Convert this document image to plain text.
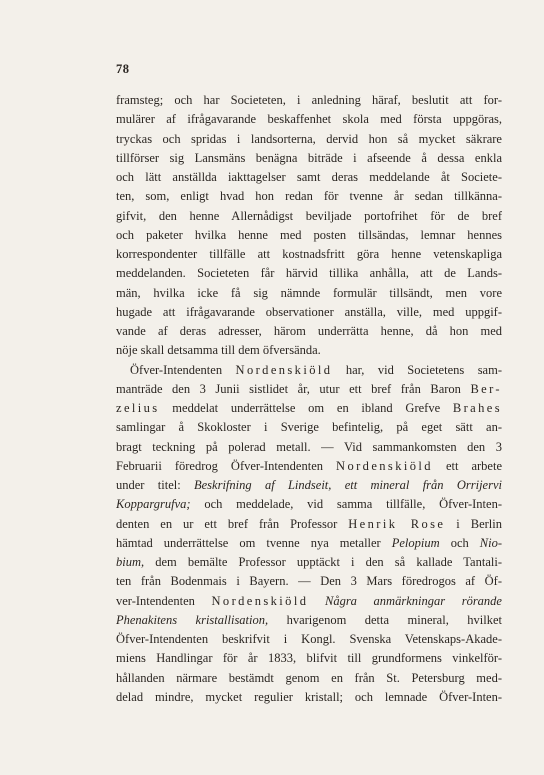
78
framsteg; och har Societeten, i anledning häraf, beslutit att for-
mulärer af ifrågavarande beskaffenhet skola med första uppgöras,
tryckas och spridas i landsorterna, dervid hon så mycket säkrare
tillförser sig Lansmäns benägna biträde i afseende å dessa enkla
och lätt anställda iakttagelser samt deras meddelande åt Societe-
ten, som, enligt hvad hon redan för tvenne år sedan tillkänna-
gifvit, den henne Allernådigst beviljade portofrihet för de bref
och paketer hvilka henne med posten tillsändas, lemnar hennes
korrespondenter tillfälle att kostnadsfritt göra henne vetenskapliga
meddelanden. Societeten får härvid tillika anhålla, att de Lands-
män, hvilka icke få sig nämnde formulär tillsändt, men vore
hugade att ifrågavarande observationer anställa, ville, med uppgif-
vande af deras adresser, härom underrätta henne, då hon med
nöje skall detsamma till dem öfversända.
Öfver-Intendenten Nordenskiöld har, vid Societetens sam-
manträde den 3 Junii sistlidet år, utur ett bref från Baron Ber-
zelius meddelat underrättelse om en ibland Grefve Brahes
samlingar å Skokloster i Sverige befintelig, på eget sätt an-
bragt teckning på polerad metall. — Vid sammankomsten den 3
Februarii föredrog Öfver-Intendenten Nordenskiöld ett arbete
under titel: Beskrifning af Lindseit, ett mineral från Orrijervi
Koppargrufva; och meddelade, vid samma tillfälle, Öfver-Inten-
denten en ur ett bref från Professor Henrik Rose i Berlin
hämtad underrättelse om tvenne nya metaller Pelopium och Nio-
bium, dem bemälte Professor upptäckt i den så kallade Tantali-
ten från Bodenmais i Bayern. — Den 3 Mars föredrogos af Öf-
ver-Intendenten Nordenskiöld Några anmärkningar rörande
Phenakitens kristallisation, hvarigenom detta mineral, hvilket
Öfver-Intendenten beskrifvit i Kongl. Svenska Vetenskaps-Akade-
miens Handlingar för år 1833, blifvit till grundformens vinkelför-
hållanden närmare bestämdt genom en från St. Petersburg med-
delad mindre, mycket regulier kristall; och lemnade Öfver-Inten-
